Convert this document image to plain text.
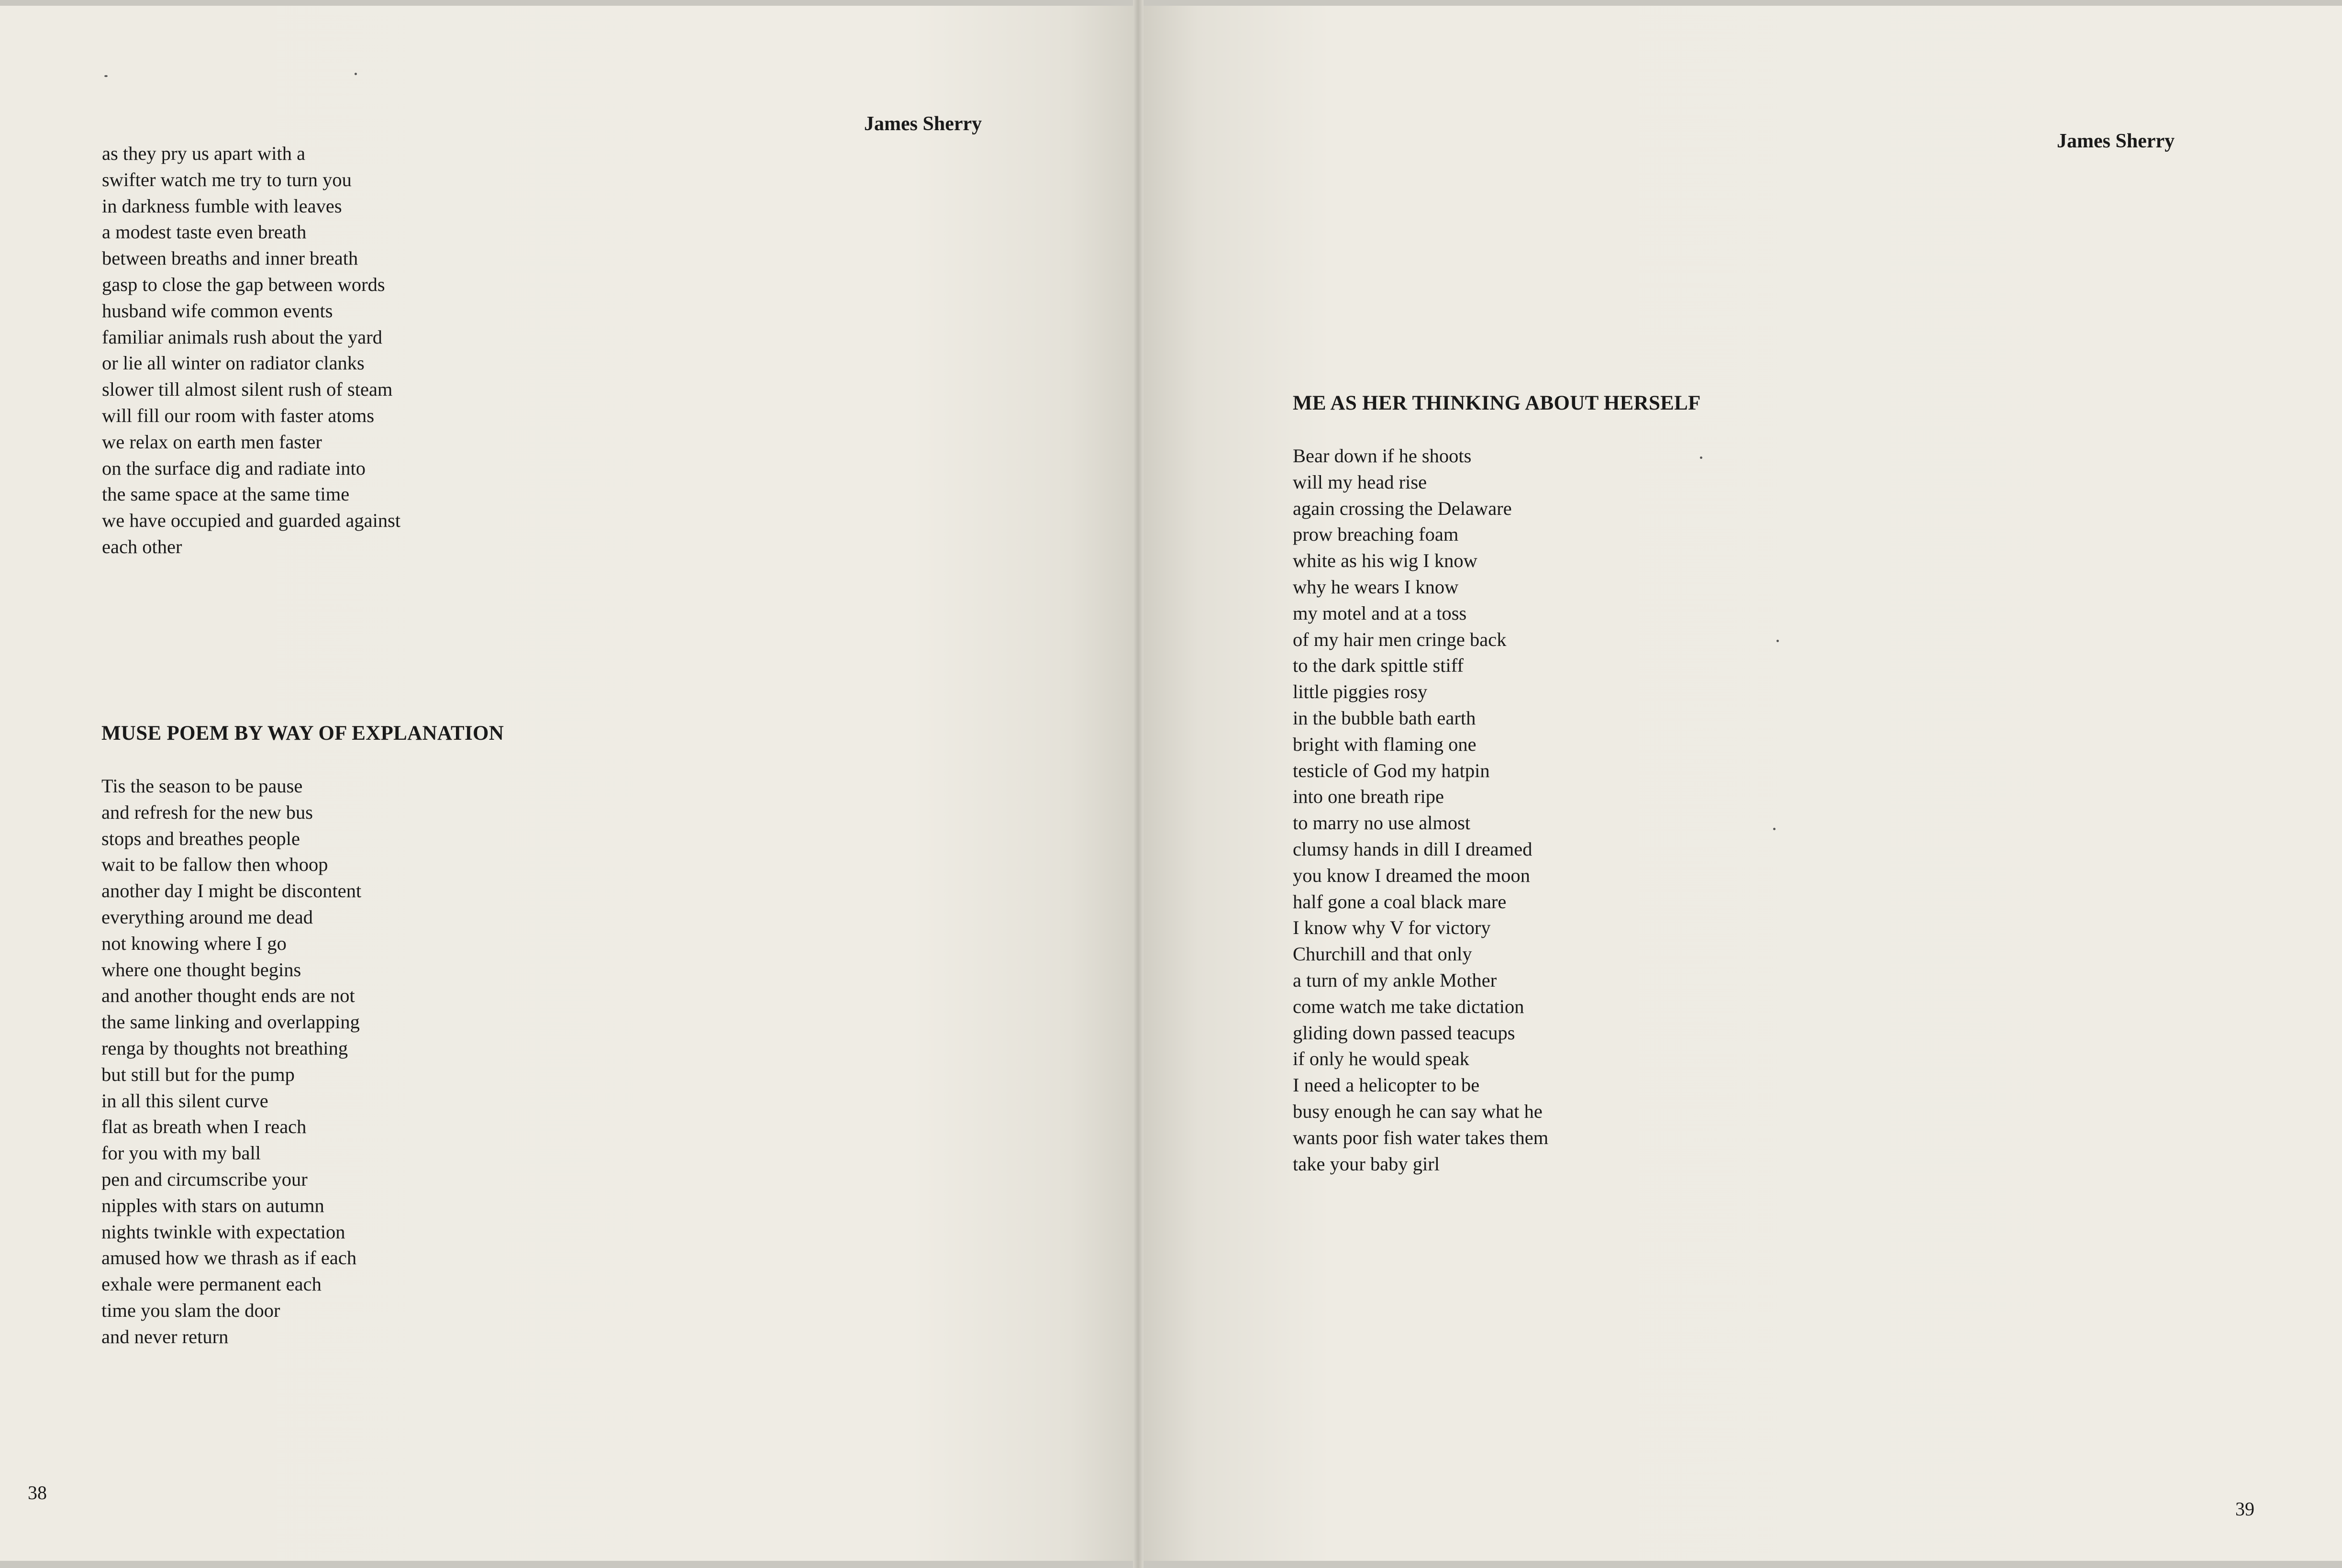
James Sherry
as they pry us apart with a
swifter watch me try to turn you
in darkness fumble with leaves
a modest taste even breath
between breaths and inner breath
gasp to close the gap between words
husband wife common events
familiar animals rush about the yard
or lie all winter on radiator clanks
slower till almost silent rush of steam
will fill our room with faster atoms
we relax on earth men faster
on the surface dig and radiate into
the same space at the same time
we have occupied and guarded against
each other
MUSE POEM BY WAY OF EXPLANATION
Tis the season to be pause
and refresh for the new bus
stops and breathes people
wait to be fallow then whoop
another day I might be discontent
everything around me dead
not knowing where I go
where one thought begins
and another thought ends are not
the same linking and overlapping
renga by thoughts not breathing
but still but for the pump
in all this silent curve
flat as breath when I reach
for you with my ball
pen and circumscribe your
nipples with stars on autumn
nights twinkle with expectation
amused how we thrash as if each
exhale were permanent each
time you slam the door
and never return
38
James Sherry
ME AS HER THINKING ABOUT HERSELF
Bear down if he shoots
will my head rise
again crossing the Delaware
prow breaching foam
white as his wig I know
why he wears I know
my motel and at a toss
of my hair men cringe back
to the dark spittle stiff
little piggies rosy
in the bubble bath earth
bright with flaming one
testicle of God my hatpin
into one breath ripe
to marry no use almost
clumsy hands in dill I dreamed
you know I dreamed the moon
half gone a coal black mare
I know why V for victory
Churchill and that only
a turn of my ankle Mother
come watch me take dictation
gliding down passed teacups
if only he would speak
I need a helicopter to be
busy enough he can say what he
wants poor fish water takes them
take your baby girl
39
